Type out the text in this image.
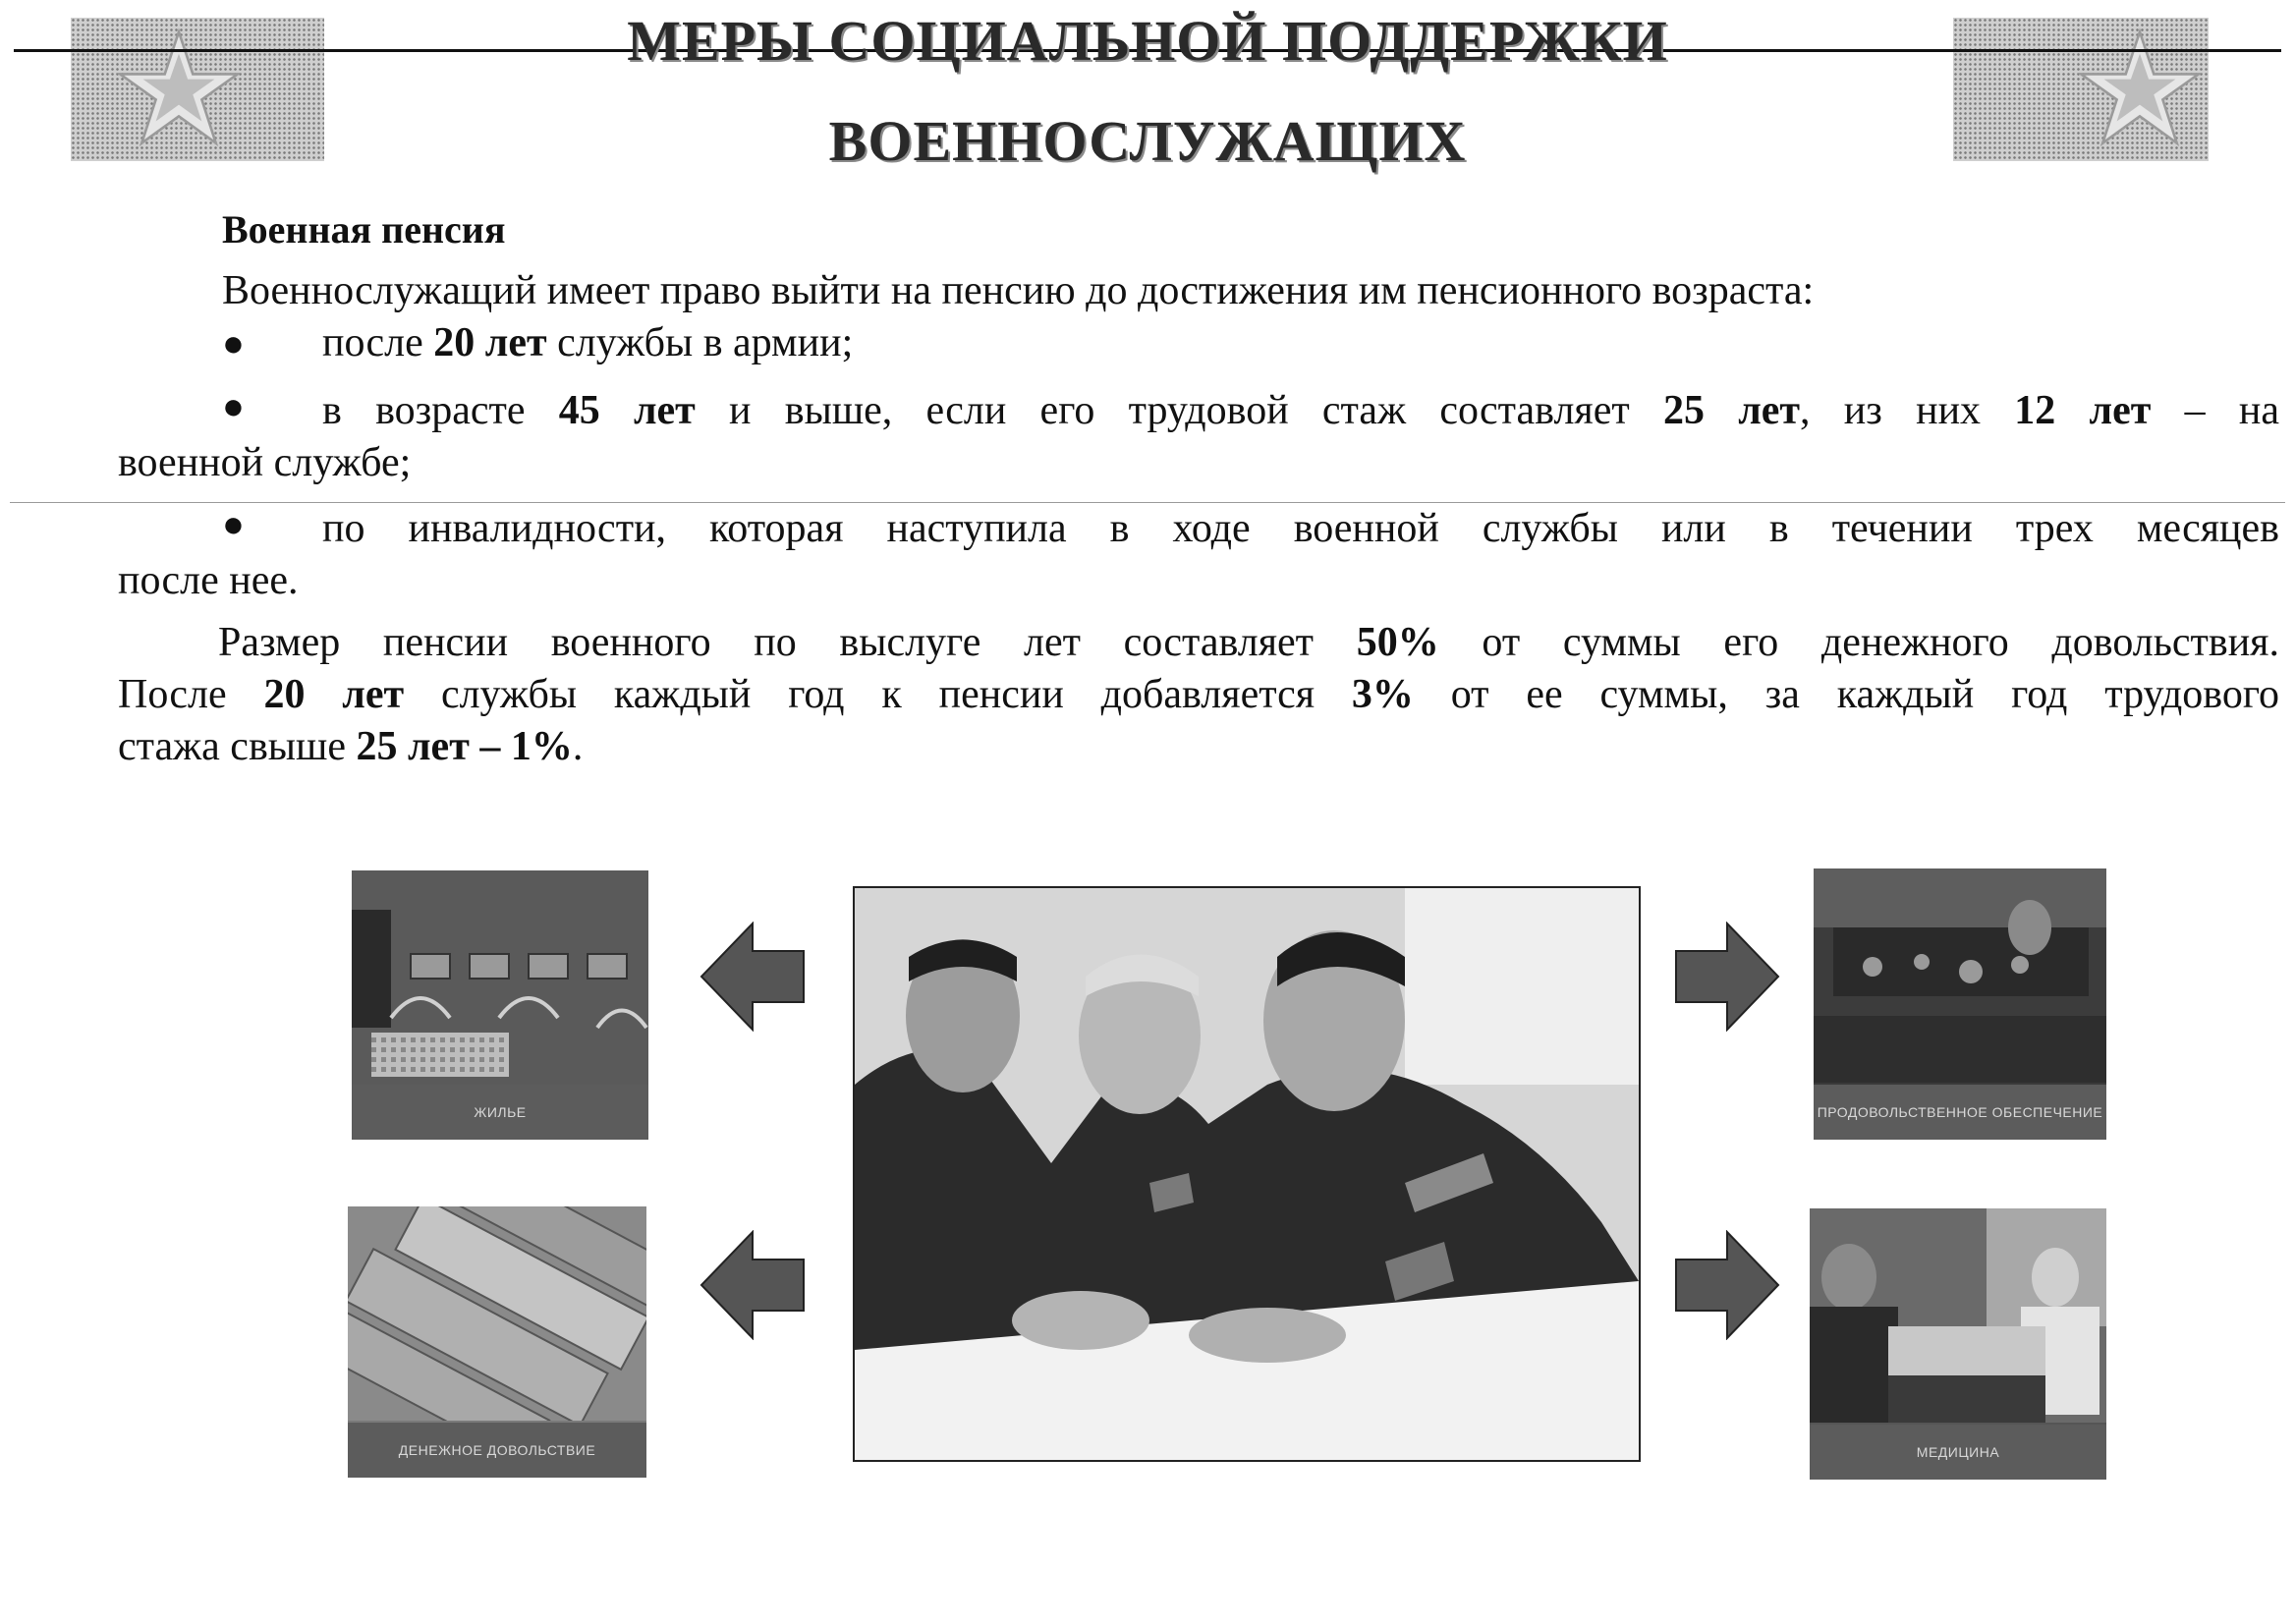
МЕРЫ СОЦИАЛЬНОЙ ПОДДЕРЖКИ
ВОЕННОСЛУЖАЩИХ
Военная пенсия
Военнослужащий имеет право выйти на пенсию до достижения им пенсионного возраста:
● после 20 лет службы в армии;
● в возрасте 45 лет и выше, если его трудовой стаж составляет 25 лет, из них 12 лет – на
военной службе;
● по инвалидности, которая наступила в ходе военной службы или в течении трех месяцев
после нее.
Размер пенсии военного по выслуге лет составляет 50% от суммы его денежного довольствия.
После 20 лет службы каждый год к пенсии добавляется 3% от ее суммы, за каждый год трудового
стажа свыше 25 лет – 1%.
ЖИЛЬЕ
ДЕНЕЖНОЕ ДОВОЛЬСТВИЕ
ПРОДОВОЛЬСТВЕННОЕ ОБЕСПЕЧЕНИЕ
МЕДИЦИНА
